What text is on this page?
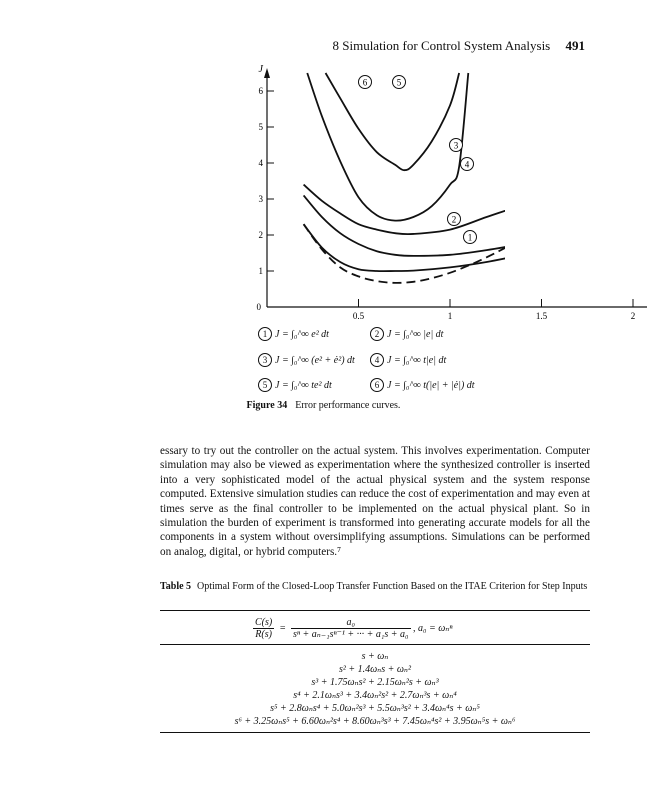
8 Simulation for Control System Analysis 491
J
0
1
2
3
4
5
6
0.5	1	1.5	2
1
2
3
4
5
6
1 J = ∫₀^∞ e² dt	2 J = ∫₀^∞ |e| dt
3 J = ∫₀^∞ (e² + ė²) dt	4 J = ∫₀^∞ t|e| dt
5 J = ∫₀^∞ te² dt	6 J = ∫₀^∞ t(|e| + |ė|) dt
Figure 34 Error performance curves.

essary to try out the controller on the actual system. This involves experimentation. Computer simulation may also be viewed as experimentation where the synthesized controller is inserted into a very sophisticated model of the actual physical system and the system response computed. Extensive simulation studies can reduce the cost of experimentation and may even at times serve as the final controller to be implemented on the actual physical plant. So in simulation the burden of experiment is transformed into generating accurate models for all the components in a system without oversimplifying assumptions. Simulations can be performed on analog, digital, or hybrid computers.⁷

Table 5 Optimal Form of the Closed-Loop Transfer Function Based on the ITAE Criterion for Step Inputs

$\frac{C(s)}{R(s)} = \frac{\text{a₀}}{\text{sⁿ + aₙ₋₁sⁿ⁻¹ + ··· + a₁s + a₀}}$ , a₀ = ωₙⁿ
s + ωₙ
s² + 1.4ωₙs + ωₙ²
s³ + 1.75ωₙs² + 2.15ωₙ²s + ωₙ³
s⁴ + 2.1ωₙs³ + 3.4ωₙ²s² + 2.7ωₙ³s + ωₙ⁴
s⁵ + 2.8ωₙs⁴ + 5.0ωₙ²s³ + 5.5ωₙ³s² + 3.4ωₙ⁴s + ωₙ⁵
s⁶ + 3.25ωₙs⁵ + 6.60ωₙ²s⁴ + 8.60ωₙ³s³ + 7.45ωₙ⁴s² + 3.95ωₙ⁵s + ωₙ⁶
